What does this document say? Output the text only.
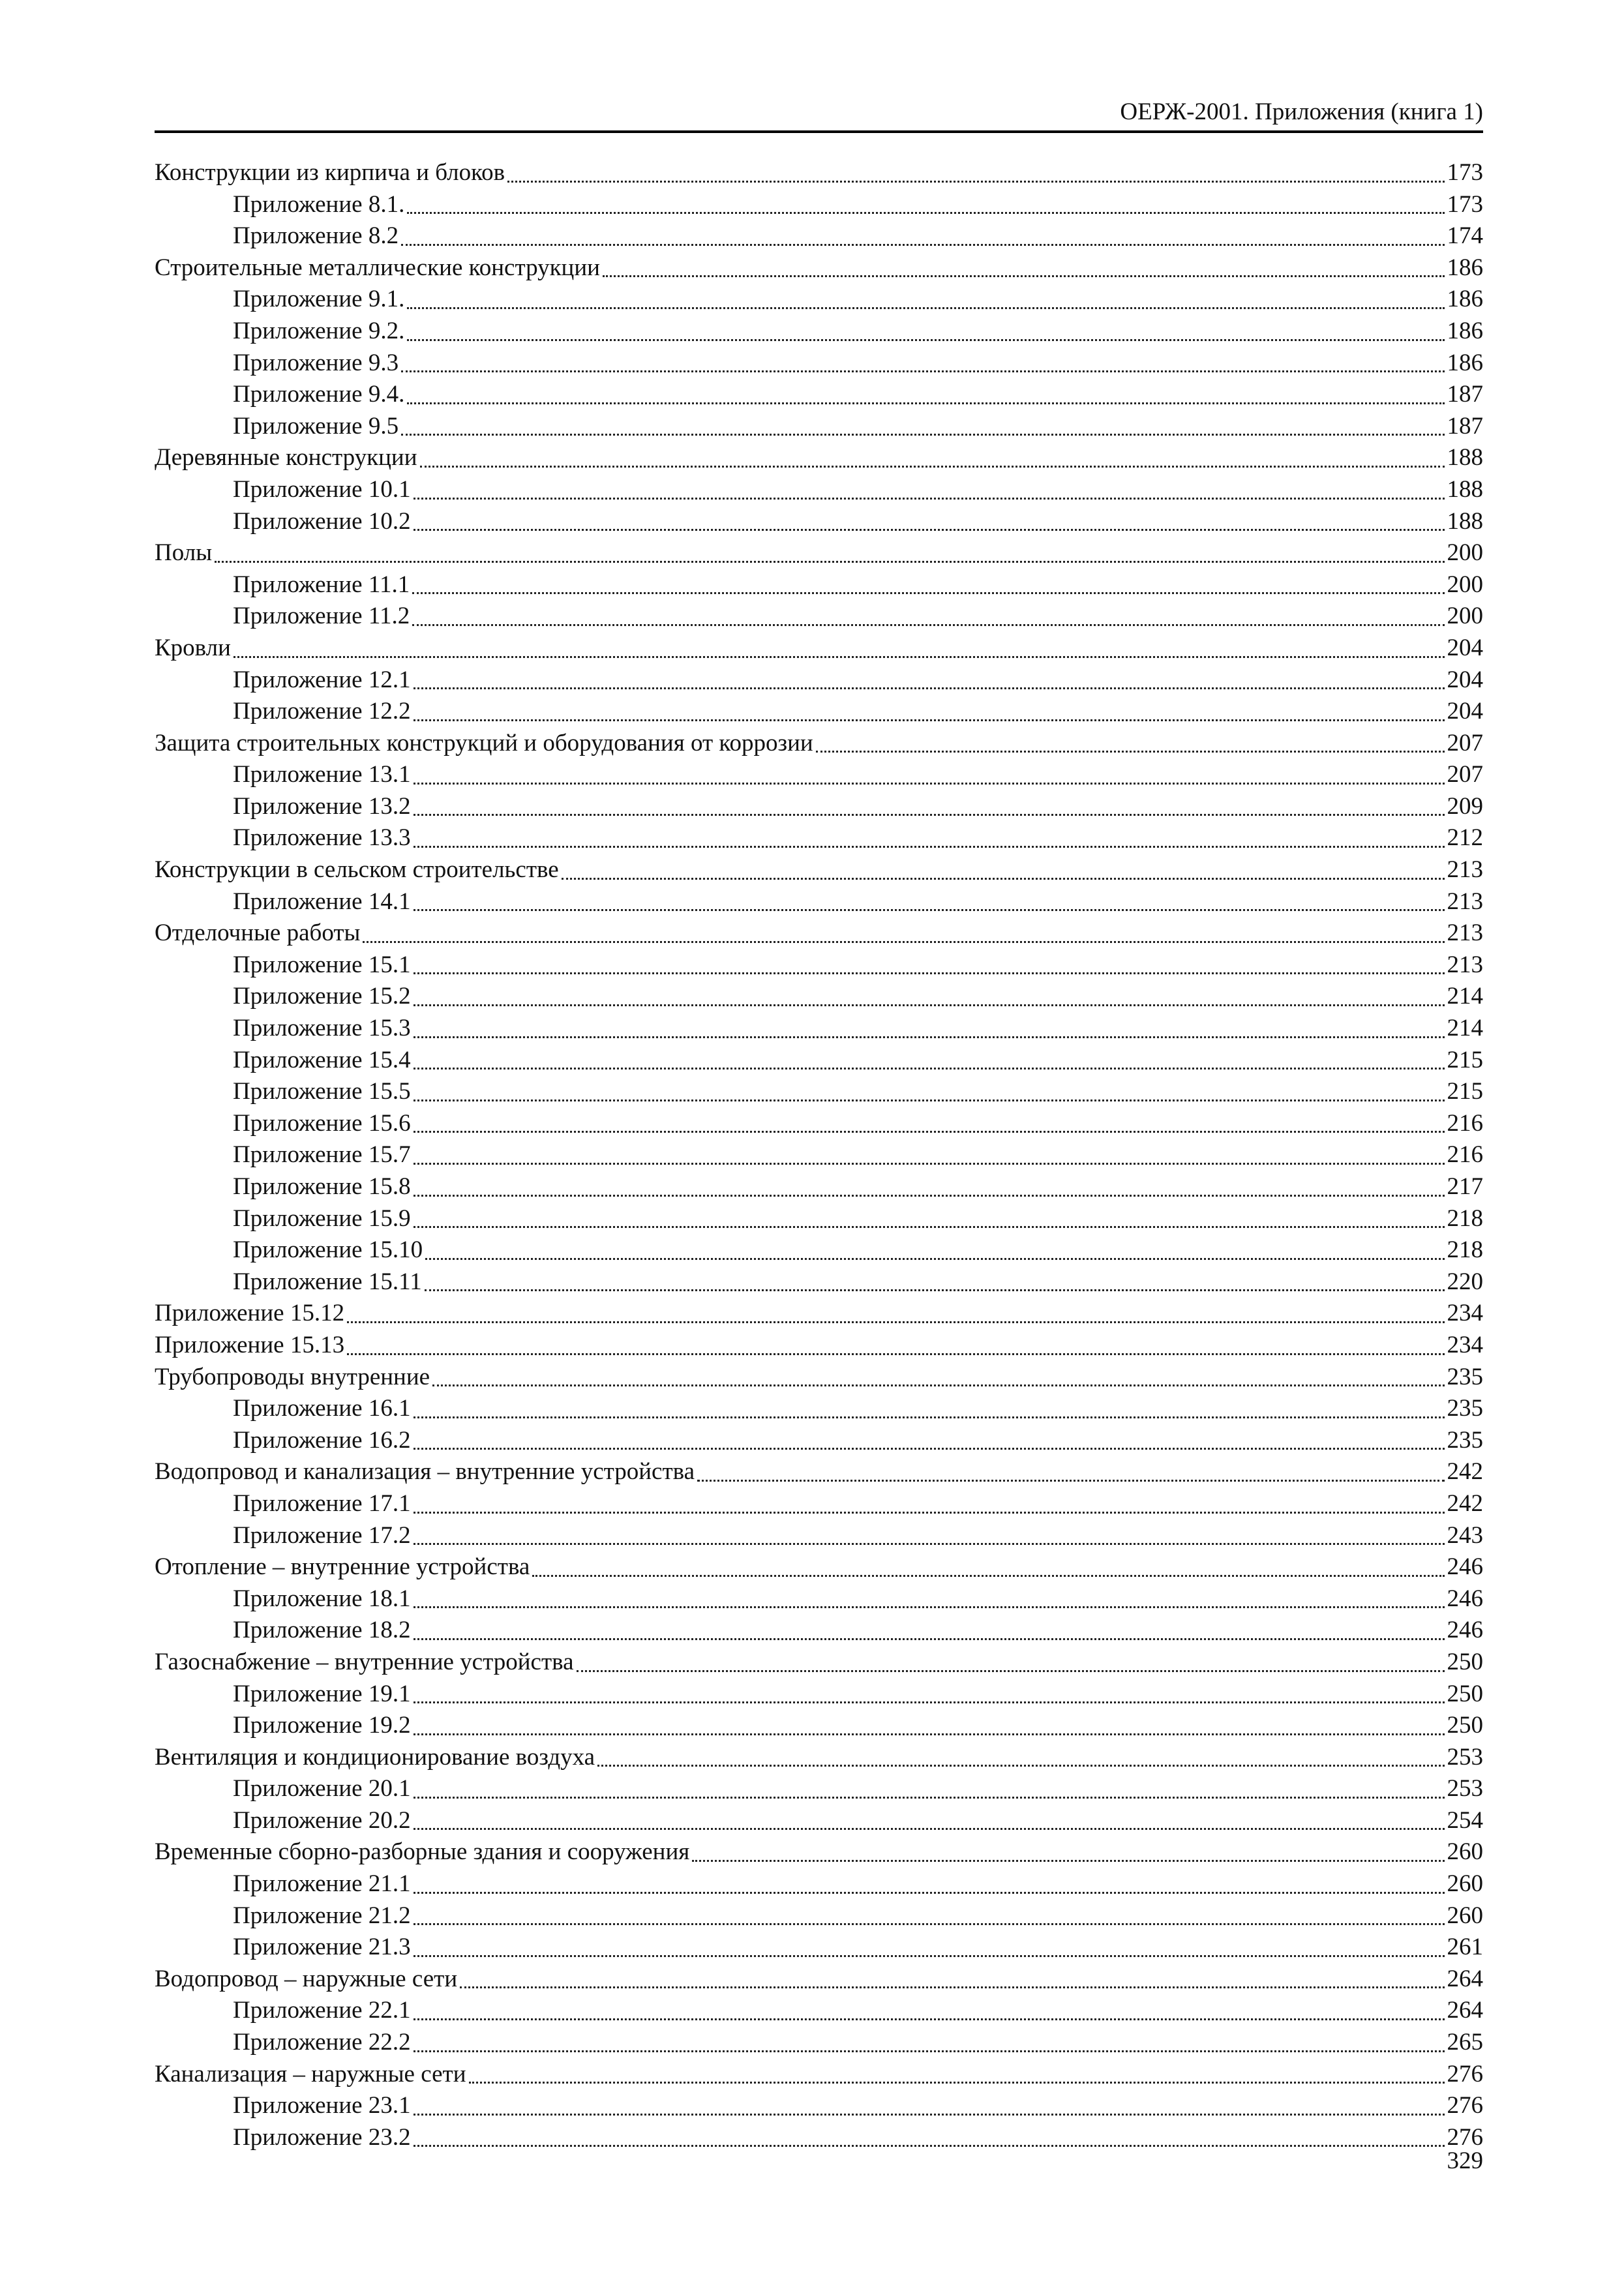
ОЕРЖ-2001. Приложения (книга 1)
Конструкции из кирпича и блоков	173
Приложение 8.1.	173
Приложение 8.2	174
Строительные металлические конструкции	186
Приложение 9.1.	186
Приложение 9.2.	186
Приложение 9.3	186
Приложение 9.4.	187
Приложение 9.5	187
Деревянные конструкции	188
Приложение 10.1	188
Приложение 10.2	188
Полы	200
Приложение 11.1	200
Приложение 11.2	200
Кровли	204
Приложение 12.1	204
Приложение 12.2	204
Защита строительных конструкций и оборудования от коррозии	207
Приложение 13.1	207
Приложение 13.2	209
Приложение 13.3	212
Конструкции в сельском строительстве	213
Приложение 14.1	213
Отделочные работы	213
Приложение 15.1	213
Приложение 15.2	214
Приложение 15.3	214
Приложение 15.4	215
Приложение 15.5	215
Приложение 15.6	216
Приложение 15.7	216
Приложение 15.8	217
Приложение 15.9	218
Приложение 15.10	218
Приложение 15.11	220
Приложение 15.12	234
Приложение 15.13	234
Трубопроводы внутренние	235
Приложение 16.1	235
Приложение 16.2	235
Водопровод и канализация – внутренние устройства	242
Приложение 17.1	242
Приложение 17.2	243
Отопление – внутренние устройства	246
Приложение 18.1	246
Приложение 18.2	246
Газоснабжение – внутренние устройства	250
Приложение 19.1	250
Приложение 19.2	250
Вентиляция и кондиционирование воздуха	253
Приложение 20.1	253
Приложение 20.2	254
Временные сборно-разборные здания и сооружения	260
Приложение 21.1	260
Приложение 21.2	260
Приложение 21.3	261
Водопровод – наружные сети	264
Приложение 22.1	264
Приложение 22.2	265
Канализация – наружные сети	276
Приложение 23.1	276
Приложение 23.2	276
329
